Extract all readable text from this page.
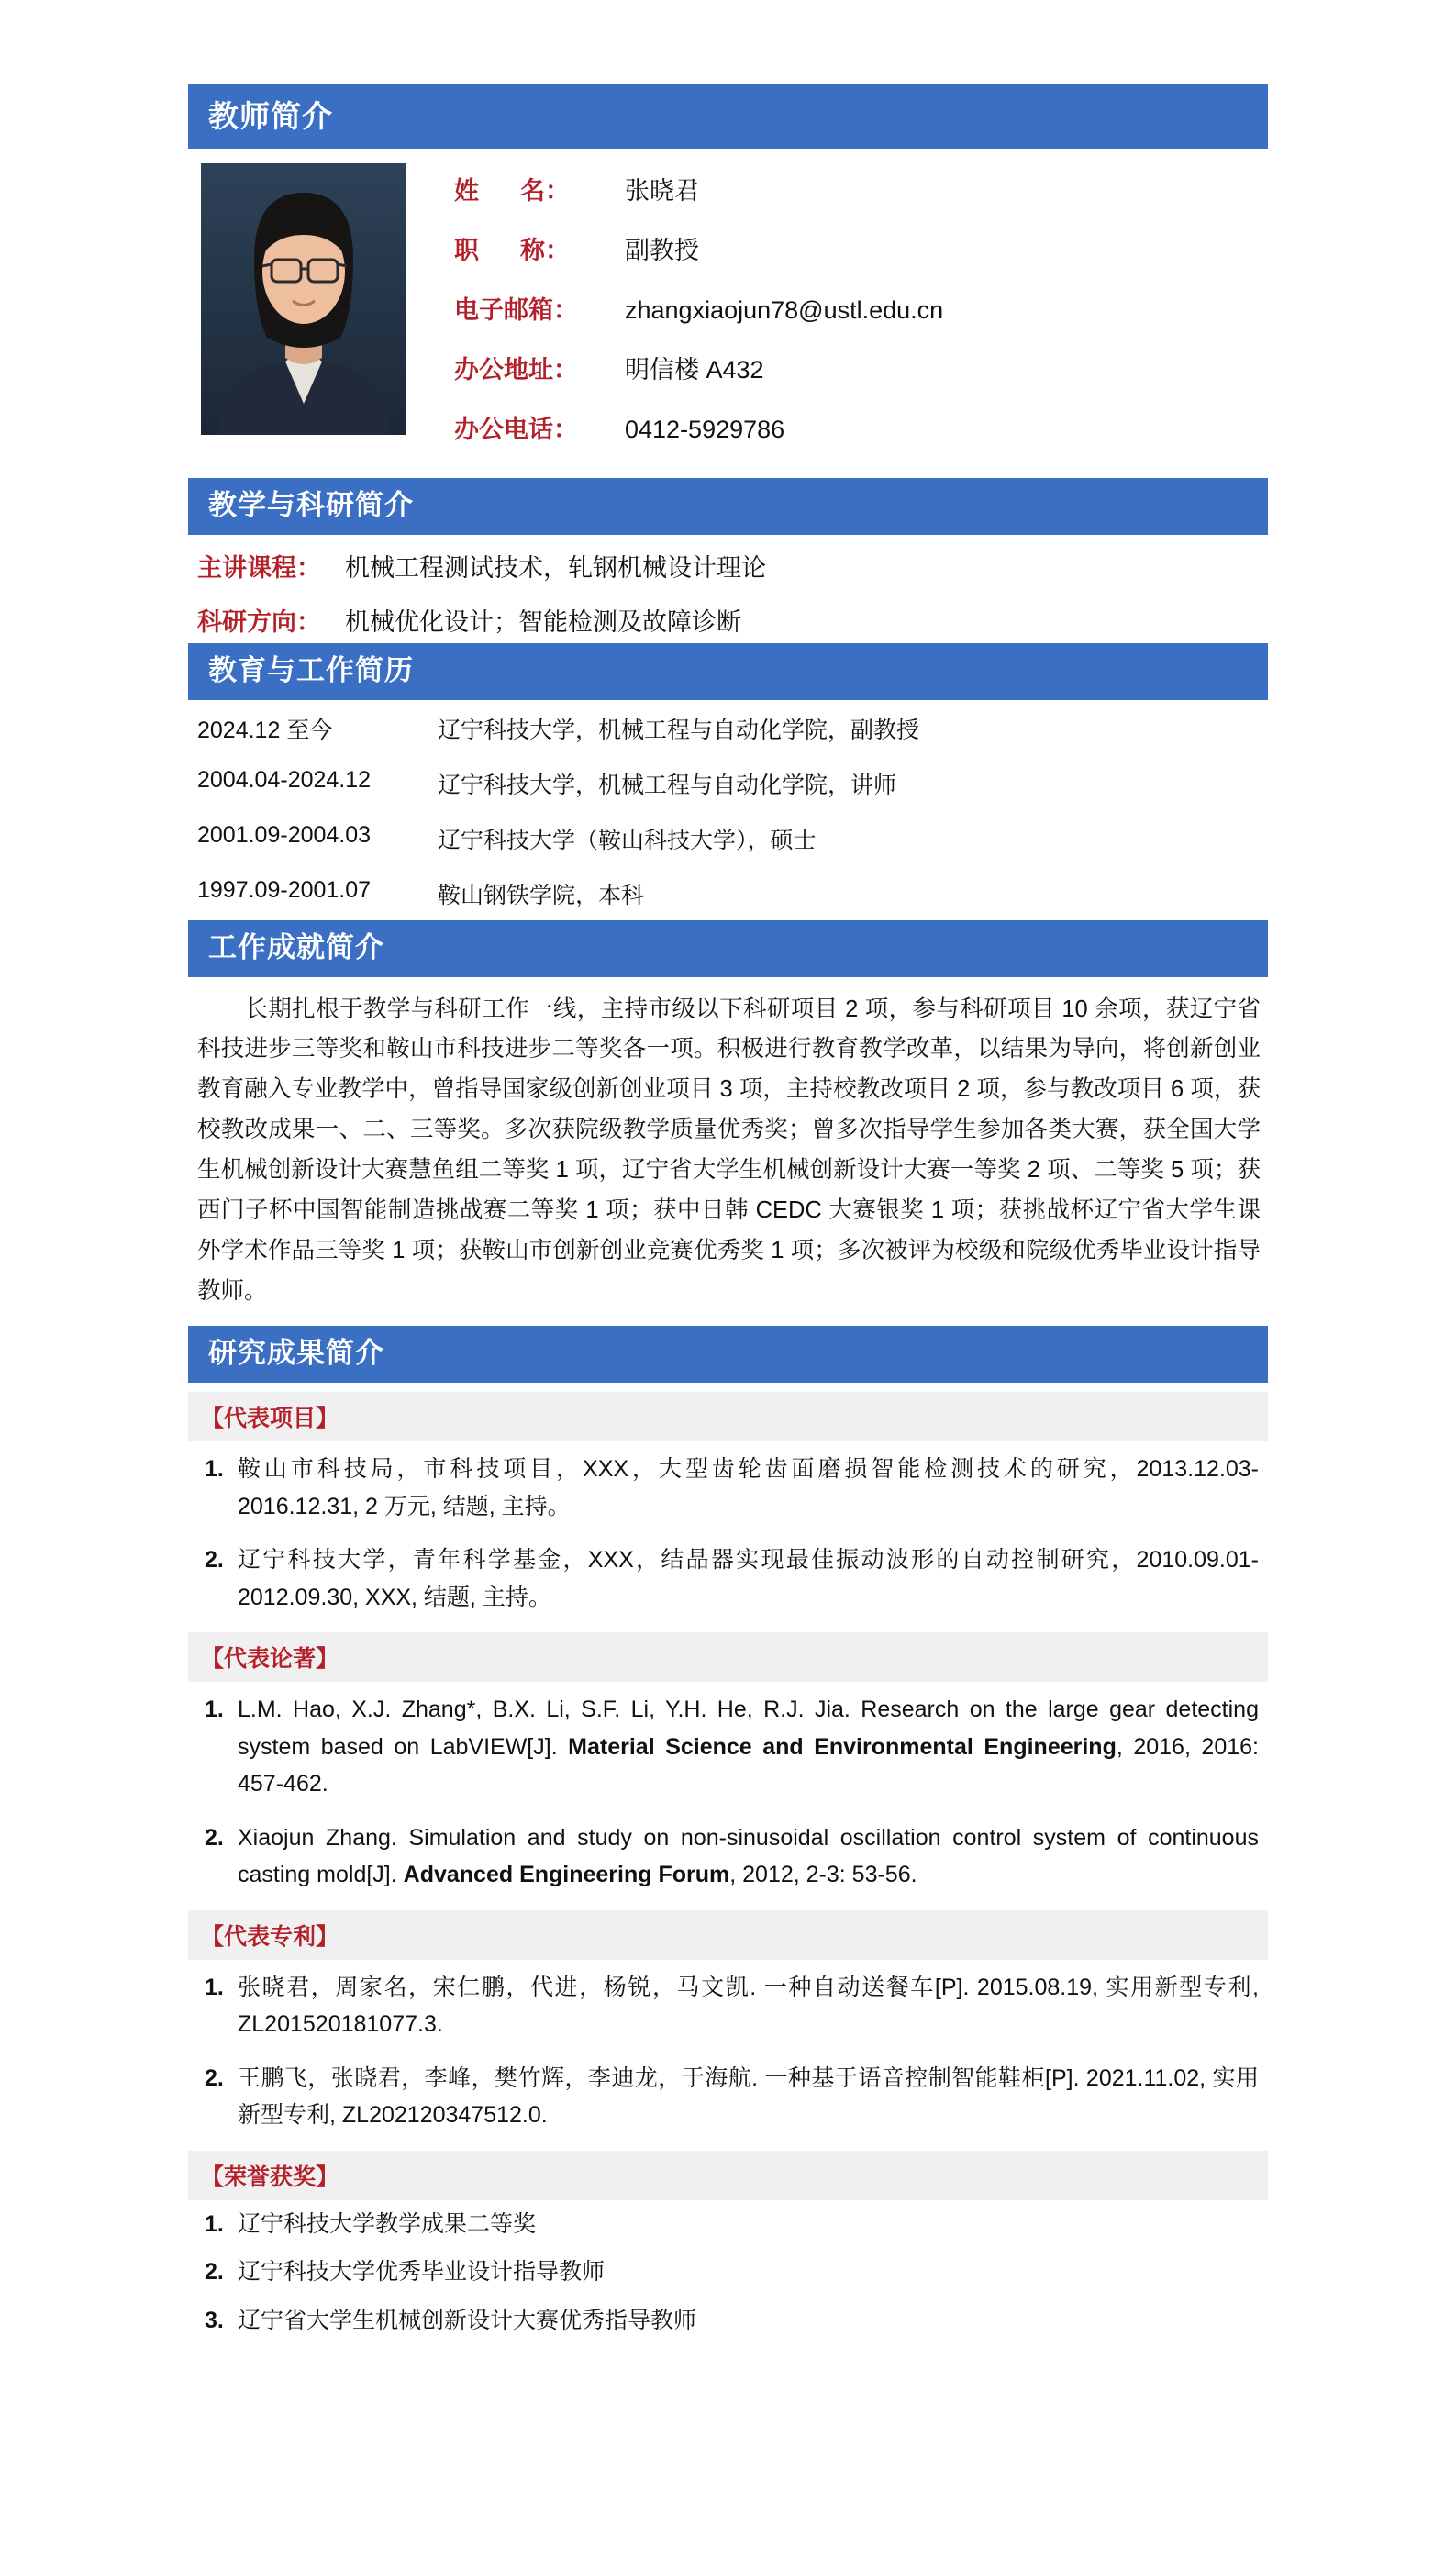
教师简介
姓      名：	张晓君
职      称：	副教授
电子邮箱：	zhangxiaojun78@ustl.edu.cn
办公地址：	明信楼 A432
办公电话：	0412-5929786
教学与科研简介
主讲课程： 机械工程测试技术，轧钢机械设计理论
科研方向： 机械优化设计；智能检测及故障诊断
教育与工作简历
2024.12 至今	辽宁科技大学，机械工程与自动化学院，副教授
2004.04-2024.12	辽宁科技大学，机械工程与自动化学院，讲师
2001.09-2004.03	辽宁科技大学（鞍山科技大学），硕士
1997.09-2001.07	鞍山钢铁学院，本科
工作成就简介
长期扎根于教学与科研工作一线，主持市级以下科研项目 2 项，参与科研项目 10 余项，获辽宁省科技进步三等奖和鞍山市科技进步二等奖各一项。积极进行教育教学改革，以结果为导向，将创新创业教育融入专业教学中，曾指导国家级创新创业项目 3 项，主持校教改项目 2 项，参与教改项目 6 项，获校教改成果一、二、三等奖。多次获院级教学质量优秀奖；曾多次指导学生参加各类大赛，获全国大学生机械创新设计大赛慧鱼组二等奖 1 项，辽宁省大学生机械创新设计大赛一等奖 2 项、二等奖 5 项；获西门子杯中国智能制造挑战赛二等奖 1 项；获中日韩 CEDC 大赛银奖 1 项；获挑战杯辽宁省大学生课外学术作品三等奖 1 项；获鞍山市创新创业竞赛优秀奖 1 项；多次被评为校级和院级优秀毕业设计指导教师。
研究成果简介
【代表项目】
1. 鞍山市科技局，市科技项目，XXX，大型齿轮齿面磨损智能检测技术的研究，2013.12.03-2016.12.31, 2 万元, 结题, 主持。
2. 辽宁科技大学，青年科学基金，XXX，结晶器实现最佳振动波形的自动控制研究，2010.09.01-2012.09.30, XXX, 结题, 主持。
【代表论著】
1. L.M. Hao, X.J. Zhang*, B.X. Li, S.F. Li, Y.H. He, R.J. Jia. Research on the large gear detecting system based on LabVIEW[J]. Material Science and Environmental Engineering, 2016, 2016: 457-462.
2. Xiaojun Zhang. Simulation and study on non-sinusoidal oscillation control system of continuous casting mold[J]. Advanced Engineering Forum, 2012, 2-3: 53-56.
【代表专利】
1. 张晓君，周家名，宋仁鹏，代进，杨锐，马文凯. 一种自动送餐车[P]. 2015.08.19, 实用新型专利, ZL201520181077.3.
2. 王鹏飞，张晓君，李峰，樊竹辉，李迪龙，于海航. 一种基于语音控制智能鞋柜[P]. 2021.11.02, 实用新型专利, ZL202120347512.0.
【荣誉获奖】
1. 辽宁科技大学教学成果二等奖
2. 辽宁科技大学优秀毕业设计指导教师
3. 辽宁省大学生机械创新设计大赛优秀指导教师
